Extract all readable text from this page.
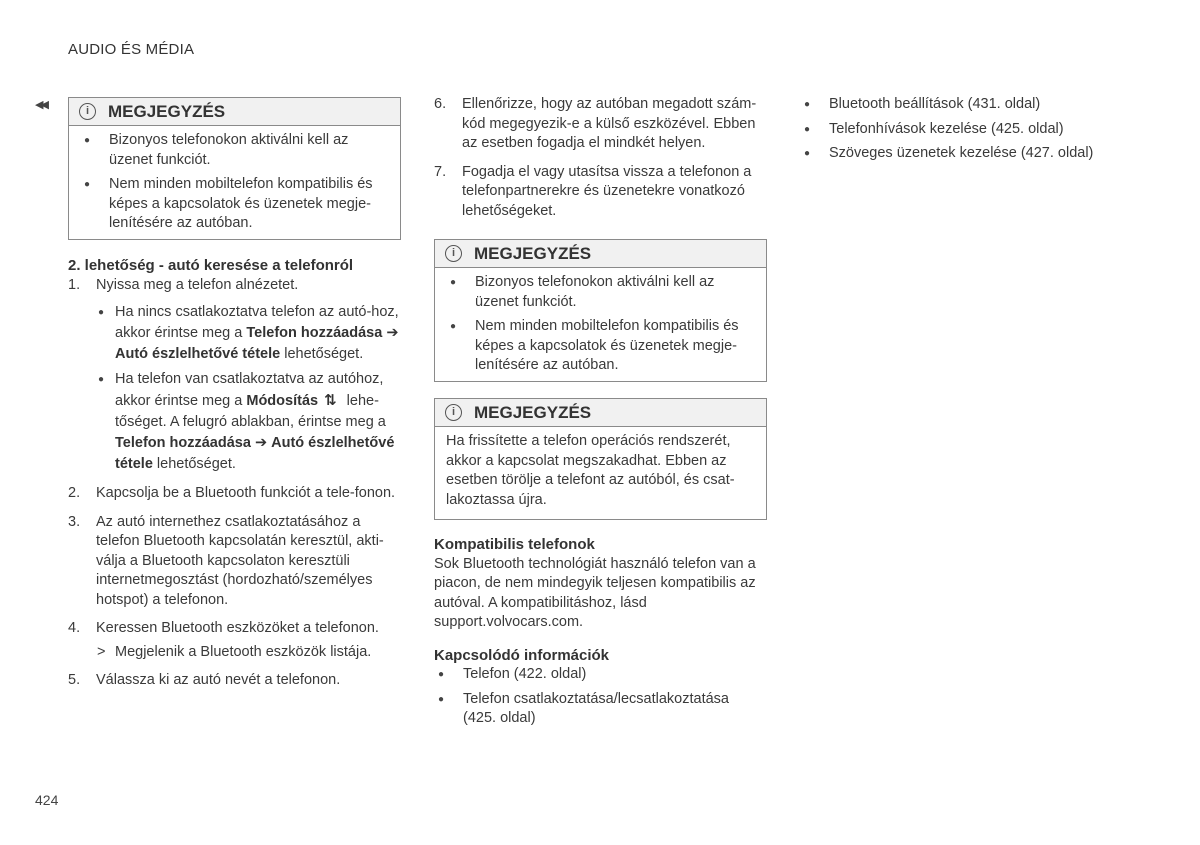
AUDIO ÉS MÉDIA
◀◀	i	MEGJEGYZÉS
● Bizonyos telefonokon aktiválni kell az üzenet funkciót.
● Nem minden mobiltelefon kompatibilis és képes a kapcsolatok és üzenetek megje-lenítésére az autóban.
2. lehetőség - autó keresése a telefonról
1. Nyissa meg a telefon alnézetet.
● Ha nincs csatlakoztatva telefon az autó-hoz, akkor érintse meg a Telefon hozzáadása ➔ Autó észlelhetővé tétele lehetőséget.
● Ha telefon van csatlakoztatva az autóhoz, akkor érintse meg a Módosítás ⇅ lehe-tőséget. A felugró ablakban, érintse meg a Telefon hozzáadása ➔ Autó észlelhetővé tétele lehetőséget.
2. Kapcsolja be a Bluetooth funkciót a tele-fonon.
3. Az autó internethez csatlakoztatásához a telefon Bluetooth kapcsolatán keresztül, akti-válja a Bluetooth kapcsolaton keresztüli internetmegosztást (hordozható/személyes hotspot) a telefonon.
4. Keressen Bluetooth eszközöket a telefonon.
> Megjelenik a Bluetooth eszközök listája.
5. Válassza ki az autó nevét a telefonon.
6. Ellenőrizze, hogy az autóban megadott szám-kód megegyezik-e a külső eszközével. Ebben az esetben fogadja el mindkét helyen.
7. Fogadja el vagy utasítsa vissza a telefonon a telefonpartnerekre és üzenetekre vonatkozó lehetőségeket.
i	MEGJEGYZÉS
● Bizonyos telefonokon aktiválni kell az üzenet funkciót.
● Nem minden mobiltelefon kompatibilis és képes a kapcsolatok és üzenetek megje-lenítésére az autóban.
i	MEGJEGYZÉS

Ha frissítette a telefon operációs rendszerét, akkor a kapcsolat megszakadhat. Ebben az esetben törölje a telefont az autóból, és csat-lakoztassa újra.

Kompatibilis telefonok

Sok Bluetooth technológiát használó telefon van a piacon, de nem mindegyik teljesen kompatibilis az autóval. A kompatibilitáshoz, lásd support.volvocars.com.

Kapcsolódó információk
● Telefon (422. oldal)
● Telefon csatlakoztatása/lecsatlakoztatása (425. oldal)
● Bluetooth beállítások (431. oldal)
● Telefonhívások kezelése (425. oldal)
● Szöveges üzenetek kezelése (427. oldal)
424
